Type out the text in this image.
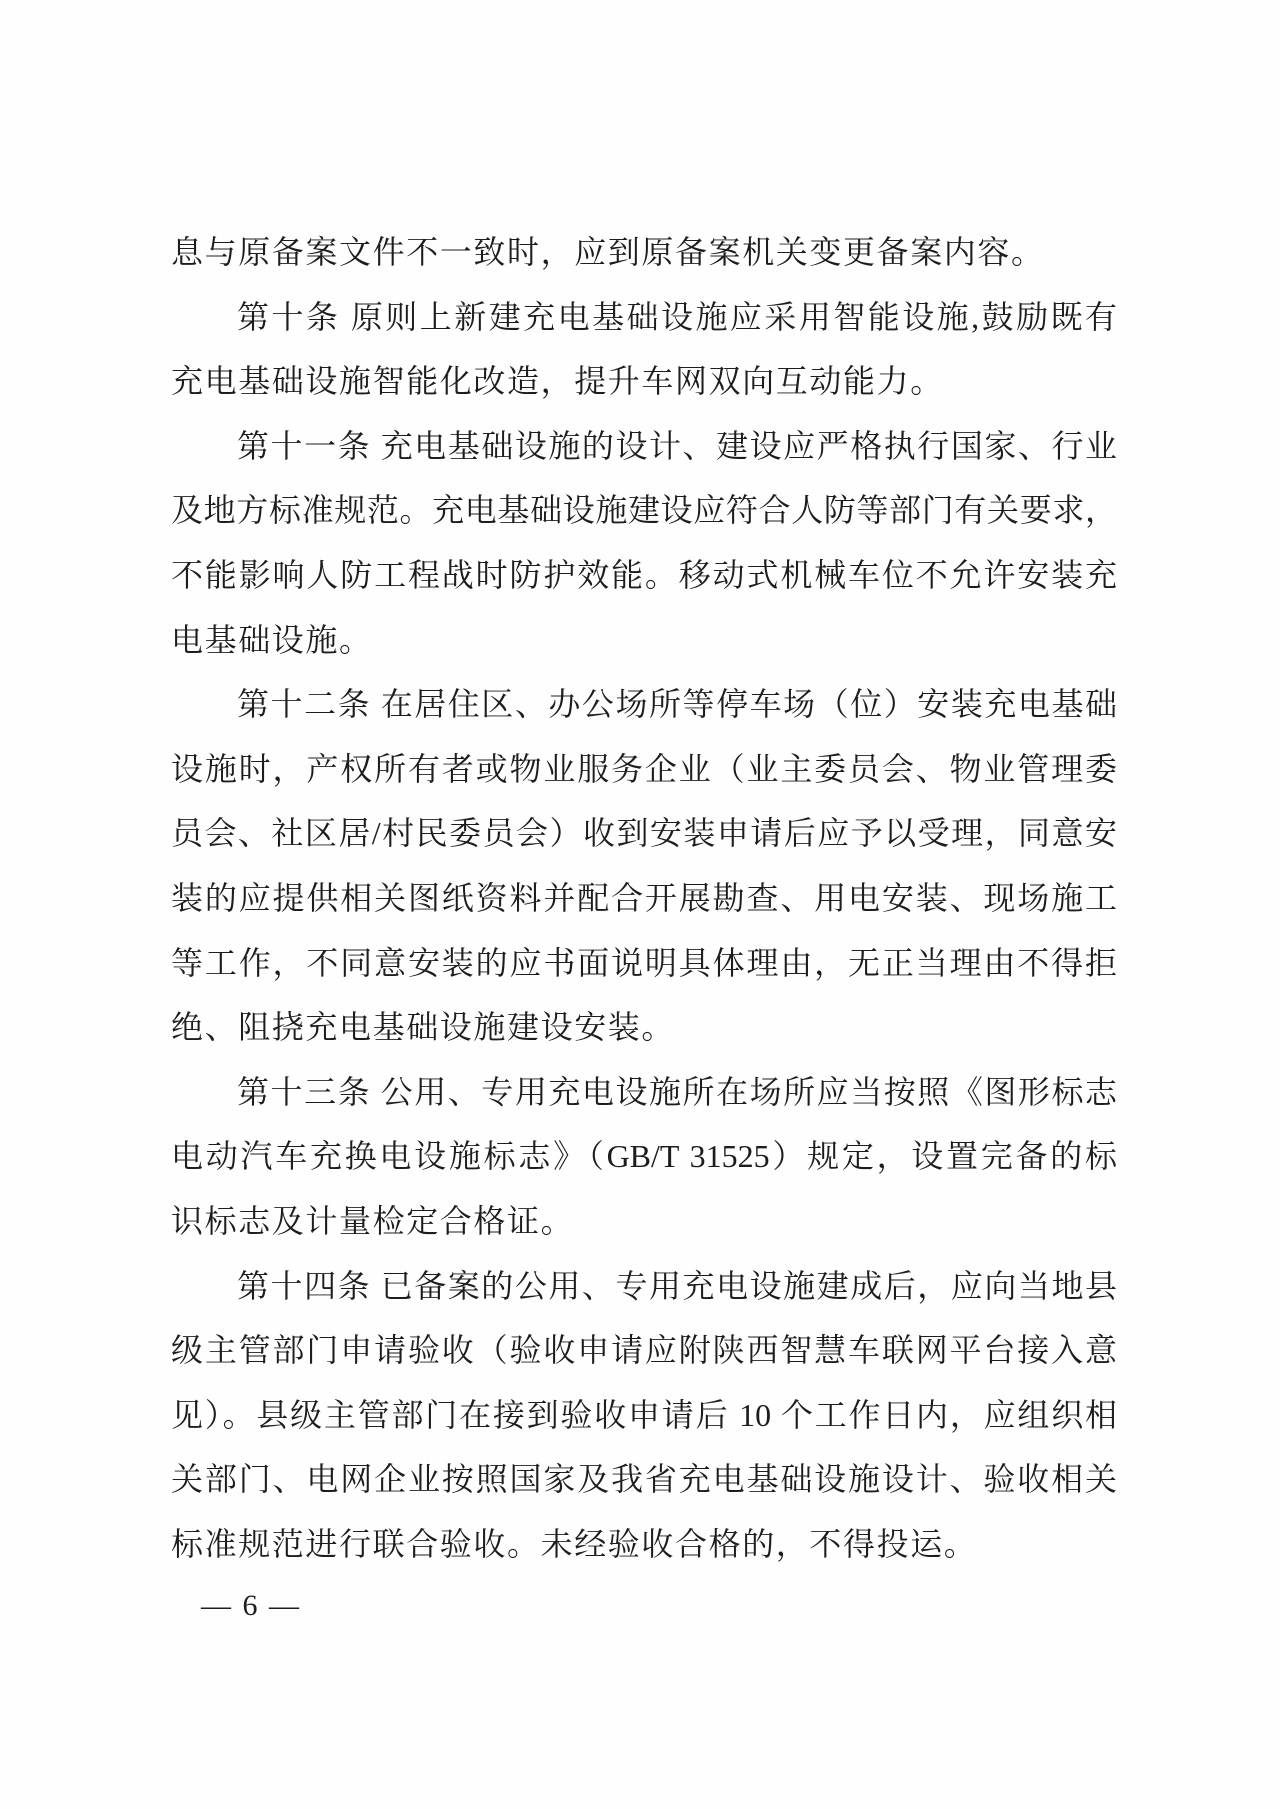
息与原备案文件不一致时，应到原备案机关变更备案内容。
第十条 原则上新建充电基础设施应采用智能设施,鼓励既有
充电基础设施智能化改造，提升车网双向互动能力。
第十一条 充电基础设施的设计、建设应严格执行国家、行业
及地方标准规范。充电基础设施建设应符合人防等部门有关要求，
不能影响人防工程战时防护效能。移动式机械车位不允许安装充
电基础设施。
第十二条 在居住区、办公场所等停车场（位）安装充电基础
设施时，产权所有者或物业服务企业（业主委员会、物业管理委
员会、社区居/村民委员会）收到安装申请后应予以受理，同意安
装的应提供相关图纸资料并配合开展勘查、用电安装、现场施工
等工作，不同意安装的应书面说明具体理由，无正当理由不得拒
绝、阻挠充电基础设施建设安装。
第十三条 公用、专用充电设施所在场所应当按照《图形标志
电动汽车充换电设施标志》（GB/T 31525）规定，设置完备的标
识标志及计量检定合格证。
第十四条 已备案的公用、专用充电设施建成后，应向当地县
级主管部门申请验收（验收申请应附陕西智慧车联网平台接入意
见）。县级主管部门在接到验收申请后 10 个工作日内，应组织相
关部门、电网企业按照国家及我省充电基础设施设计、验收相关
标准规范进行联合验收。未经验收合格的，不得投运。
— 6 —
